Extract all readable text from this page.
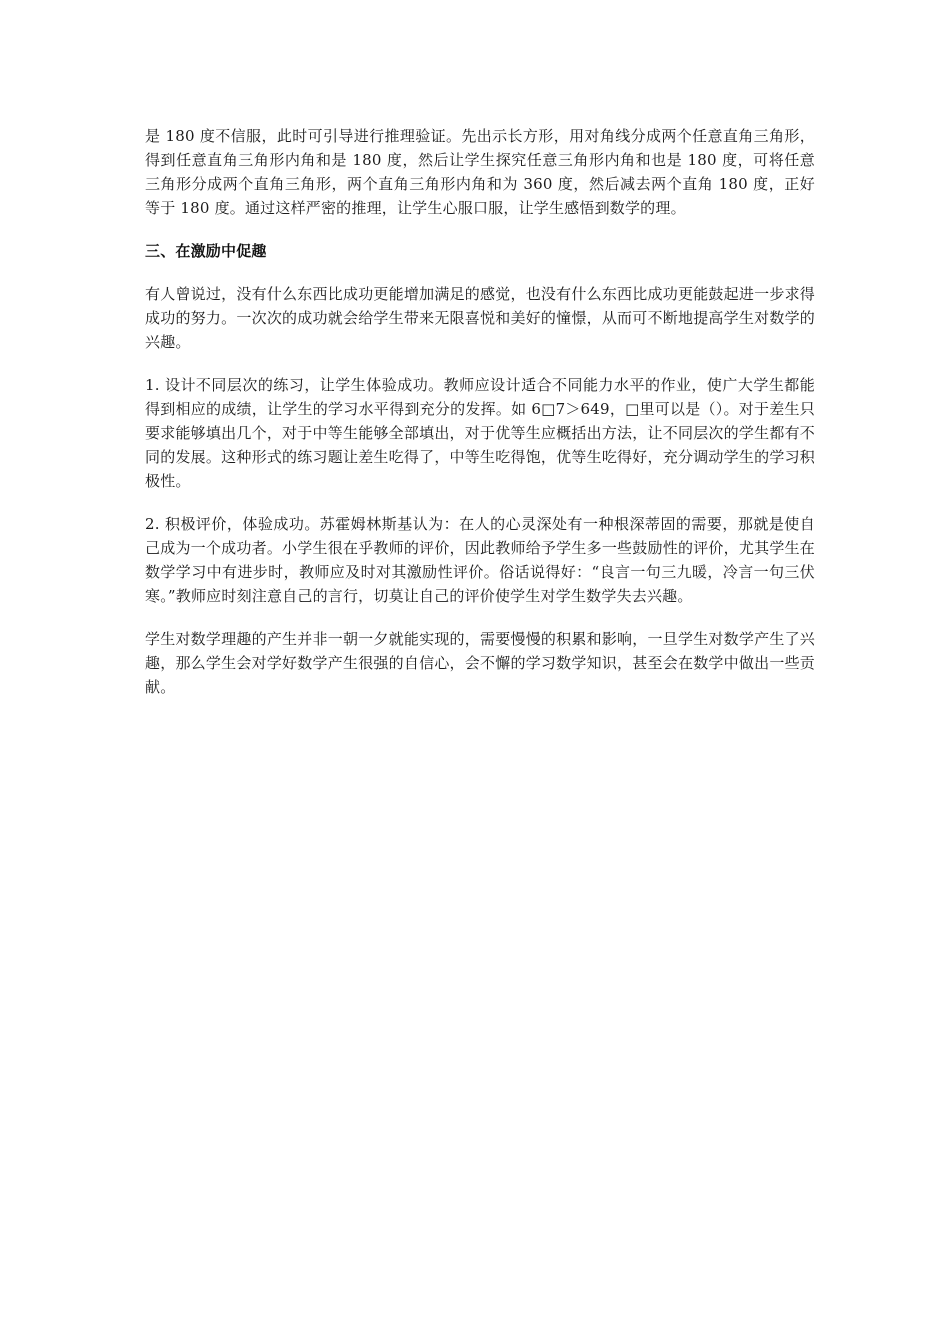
是 180 度不信服，此时可引导进行推理验证。先出示长方形，用对角线分成两个任意直角三角形，得到任意直角三角形内角和是 180 度，然后让学生探究任意三角形内角和也是 180 度，可将任意三角形分成两个直角三角形，两个直角三角形内角和为 360 度，然后减去两个直角 180 度，正好等于 180 度。通过这样严密的推理，让学生心服口服，让学生感悟到数学的理。

三、在激励中促趣

有人曾说过，没有什么东西比成功更能增加满足的感觉，也没有什么东西比成功更能鼓起进一步求得成功的努力。一次次的成功就会给学生带来无限喜悦和美好的憧憬，从而可不断地提高学生对数学的兴趣。

1. 设计不同层次的练习，让学生体验成功。教师应设计适合不同能力水平的作业，使广大学生都能得到相应的成绩，让学生的学习水平得到充分的发挥。如 6□7＞649，□里可以是（）。对于差生只要求能够填出几个，对于中等生能够全部填出，对于优等生应概括出方法，让不同层次的学生都有不同的发展。这种形式的练习题让差生吃得了，中等生吃得饱，优等生吃得好，充分调动学生的学习积极性。

2. 积极评价，体验成功。苏霍姆林斯基认为：在人的心灵深处有一种根深蒂固的需要，那就是使自己成为一个成功者。小学生很在乎教师的评价，因此教师给予学生多一些鼓励性的评价，尤其学生在数学学习中有进步时，教师应及时对其激励性评价。俗话说得好：“良言一句三九暖，冷言一句三伏寒。”教师应时刻注意自己的言行，切莫让自己的评价使学生对学生数学失去兴趣。

学生对数学理趣的产生并非一朝一夕就能实现的，需要慢慢的积累和影响，一旦学生对数学产生了兴趣，那么学生会对学好数学产生很强的自信心，会不懈的学习数学知识，甚至会在数学中做出一些贡献。
